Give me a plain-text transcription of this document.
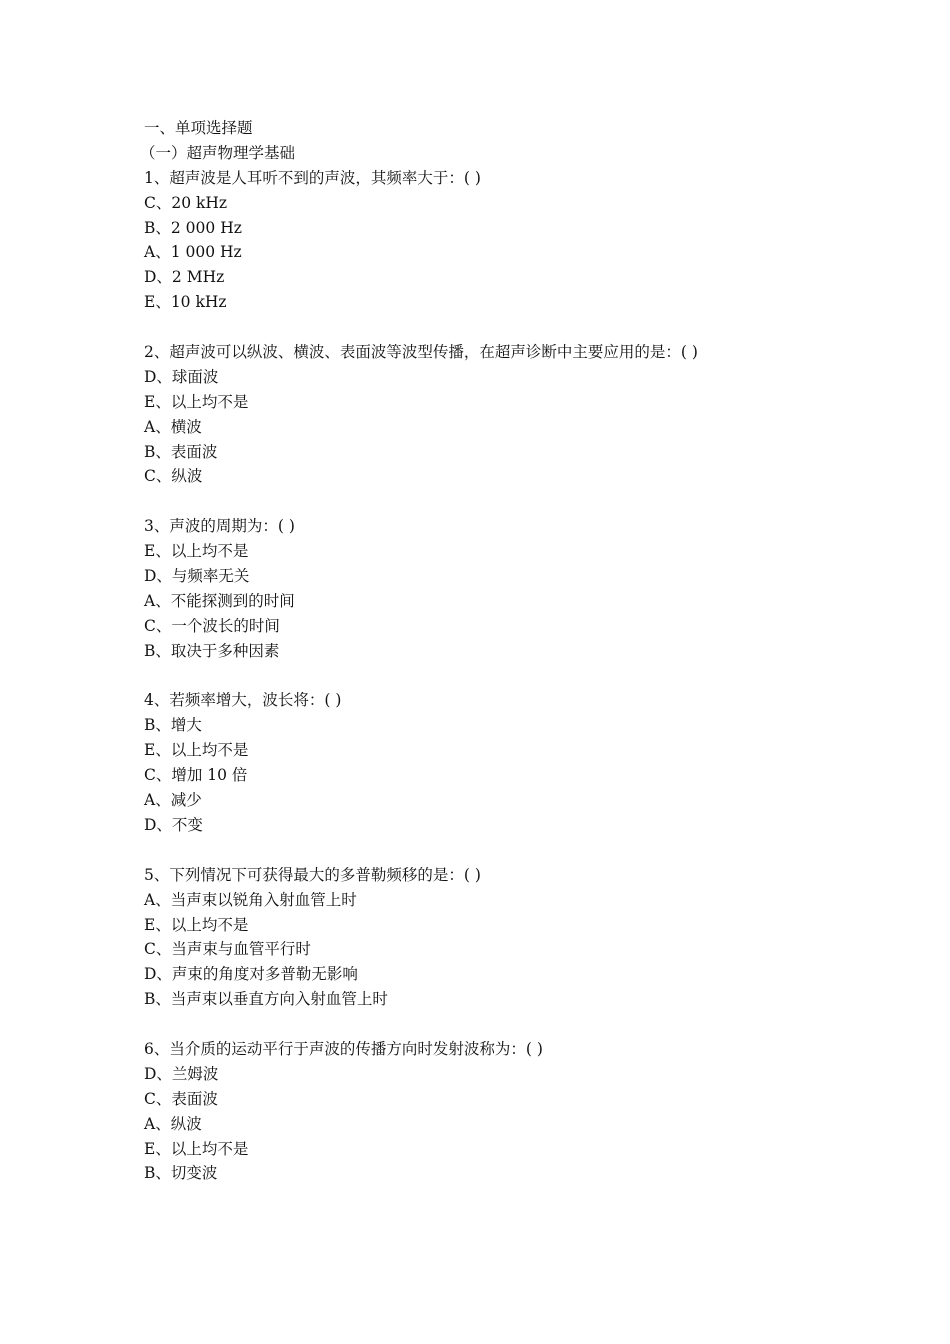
一、单项选择题
（一）超声物理学基础
1、超声波是人耳听不到的声波，其频率大于：( )
C、20 kHz
B、2 000 Hz
A、1 000 Hz
D、2 MHz
E、10 kHz
2、超声波可以纵波、横波、表面波等波型传播，在超声诊断中主要应用的是：( )
D、球面波
E、以上均不是
A、横波
B、表面波
C、纵波
3、声波的周期为：( )
E、以上均不是
D、与频率无关
A、不能探测到的时间
C、一个波长的时间
B、取决于多种因素
4、若频率增大，波长将：( )
B、增大
E、以上均不是
C、增加 10 倍
A、减少
D、不变
5、下列情况下可获得最大的多普勒频移的是：( )
A、当声束以锐角入射血管上时
E、以上均不是
C、当声束与血管平行时
D、声束的角度对多普勒无影响
B、当声束以垂直方向入射血管上时
6、当介质的运动平行于声波的传播方向时发射波称为：( )
D、兰姆波
C、表面波
A、纵波
E、以上均不是
B、切变波
